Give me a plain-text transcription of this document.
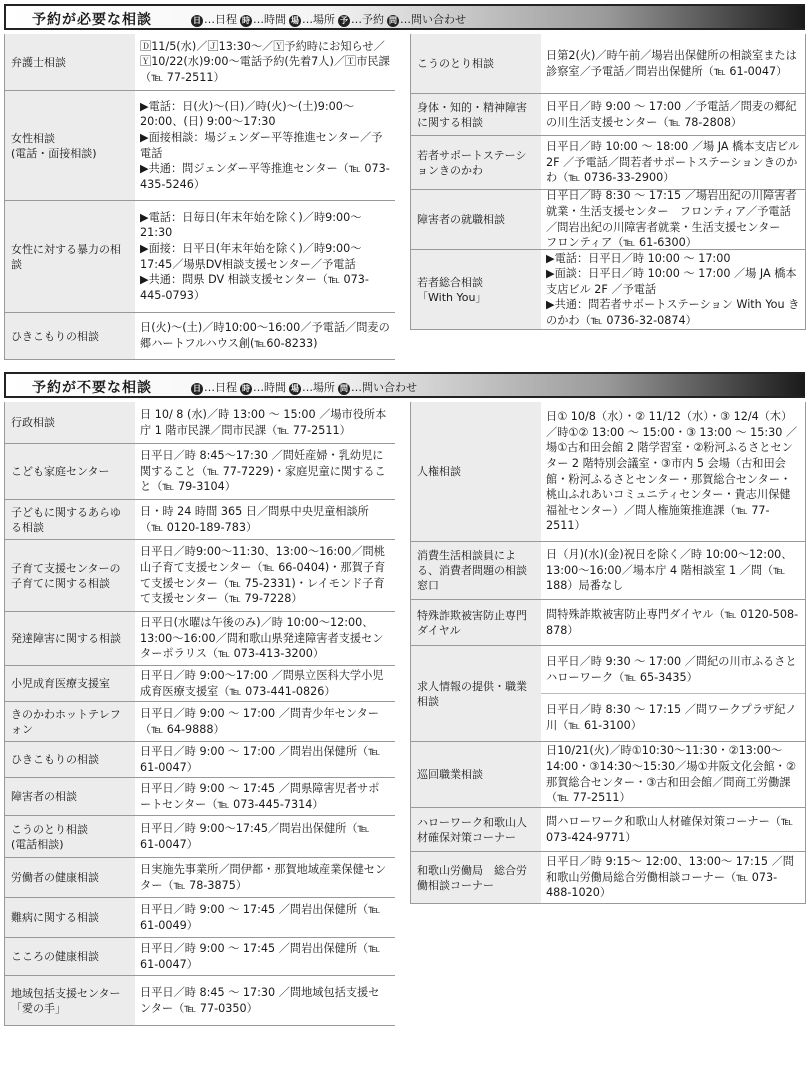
予約が必要な相談	日 …日程 時 …時間 場 …場所 予 …予約 問 …問い合わせ
弁護士相談
🄳11/5(水)／🄹13:30～／🅈予約時にお知らせ／🅈10/22(水)9:00～電話予約(先着7人)／🅃市民課（℡ 77-2511）
女性相談
(電話・面接相談)
▶電話：日(火)～(日)／時(火)～(土)9:00～20:00、(日) 9:00～17:30
▶面接相談：場ジェンダー平等推進センター／予電話
▶共通：問ジェンダー平等推進センター（℡ 073-435-5246）
女性に対する暴力の相談
▶電話：日毎日(年末年始を除く)／時9:00～21:30
▶面接：日平日(年末年始を除く)／時9:00～17:45／場県DV相談支援センター／予電話
▶共通：問県 DV 相談支援センター（℡ 073-445-0793）
ひきこもりの相談
日(火)～(土)／時10:00～16:00／予電話／問麦の郷ハートフルハウス創(℡60-8233)
こうのとり相談
日第2(火)／時午前／場岩出保健所の相談室または診察室／予電話／問岩出保健所（℡ 61-0047）
身体・知的・精神障害に関する相談
日平日／時 9:00 ～ 17:00 ／予電話／問麦の郷紀の川生活支援センター（℡ 78-2808）
若者サポートステーションきのかわ
日平日／時 10:00 ～ 18:00 ／場 JA 橋本支店ビル 2F ／予電話／問若者サポートステーションきのかわ（℡ 0736-33-2900）
障害者の就職相談
日平日／時 8:30 ～ 17:15 ／場岩出紀の川障害者就業・生活支援センター　フロンティア／予電話／問岩出紀の川障害者就業・生活支援センター　フロンティア（℡ 61-6300）
若者総合相談
「With You」
▶電話：日平日／時 10:00 ～ 17:00
▶面談：日平日／時 10:00 ～ 17:00 ／場 JA 橋本支店ビル 2F ／予電話
▶共通：問若者サポートステーション With You きのかわ（℡ 0736-32-0874）
予約が不要な相談	日 …日程 時 …時間 場 …場所 問 …問い合わせ
行政相談
日 10/ 8 (水)／時 13:00 ～ 15:00 ／場市役所本庁 1 階市民課／問市民課（℡ 77-2511）
こども家庭センター
日平日／時 8:45～17:30 ／問妊産婦・乳幼児に関すること（℡ 77-7229)・家庭児童に関すること（℡ 79-3104）
子どもに関するあらゆる相談
日・時 24 時間 365 日／問県中央児童相談所（℡ 0120-189-783）
子育て支援センターの子育てに関する相談
日平日／時9:00～11:30、13:00～16:00／問桃山子育て支援センター（℡ 66-0404)・那賀子育て支援センター（℡ 75-2331)・レイモンド子育て支援センター（℡ 79-7228）
発達障害に関する相談
日平日(水曜は午後のみ)／時 10:00～12:00、13:00～16:00／問和歌山県発達障害者支援センターポラリス（℡ 073-413-3200）
小児成育医療支援室
日平日／時 9:00～17:00 ／問県立医科大学小児成育医療支援室（℡ 073-441-0826）
きのかわホットテレフォン
日平日／時 9:00 ～ 17:00 ／問青少年センター（℡ 64-9888）
ひきこもりの相談
日平日／時 9:00 ～ 17:00 ／問岩出保健所（℡ 61-0047）
障害者の相談
日平日／時 9:00 ～ 17:45 ／問県障害児者サポートセンター（℡ 073-445-7314）
こうのとり相談
(電話相談)
日平日／時 9:00～17:45／問岩出保健所（℡ 61-0047）
労働者の健康相談
日実施先事業所／問伊都・那賀地域産業保健センター（℡ 78-3875）
難病に関する相談
日平日／時 9:00 ～ 17:45 ／問岩出保健所（℡ 61-0049）
こころの健康相談
日平日／時 9:00 ～ 17:45 ／問岩出保健所（℡ 61-0047）
地域包括支援センター「愛の手」
日平日／時 8:45 ～ 17:30 ／問地域包括支援センター（℡ 77-0350）
人権相談
日① 10/8（水）・② 11/12（水）・③ 12/4（木）／時①② 13:00 ～ 15:00・③ 13:00 ～ 15:30 ／場①古和田会館 2 階学習室・②粉河ふるさとセンター 2 階特別会議室・③市内 5 会場（古和田会館・粉河ふるさとセンター・那賀総合センター・桃山ふれあいコミュニティセンター・貴志川保健福祉センター）／問人権施策推進課（℡ 77-2511）
消費生活相談員による、消費者問題の相談窓口
日（月)(水)(金)祝日を除く／時 10:00～12:00、13:00～16:00／場本庁 4 階相談室 1 ／問（℡ 188）局番なし
特殊詐欺被害防止専門ダイヤル
問特殊詐欺被害防止専門ダイヤル（℡ 0120-508-878）
求人情報の提供・職業相談
日平日／時 9:30 ～ 17:00 ／問紀の川市ふるさとハローワーク（℡ 65-3435）
日平日／時 8:30 ～ 17:15 ／問ワークプラザ紀ノ川（℡ 61-3100）
巡回職業相談
日10/21(火)／時①10:30～11:30・②13:00～14:00・③14:30～15:30／場①井阪文化会館・②那賀総合センター・③古和田会館／問商工労働課（℡ 77-2511）
ハローワーク和歌山人材確保対策コーナー
問ハローワーク和歌山人材確保対策コーナー（℡ 073-424-9771）
和歌山労働局　総合労働相談コーナー
日平日／時 9:15～ 12:00、13:00～ 17:15 ／問和歌山労働局総合労働相談コーナー（℡ 073-488-1020）
